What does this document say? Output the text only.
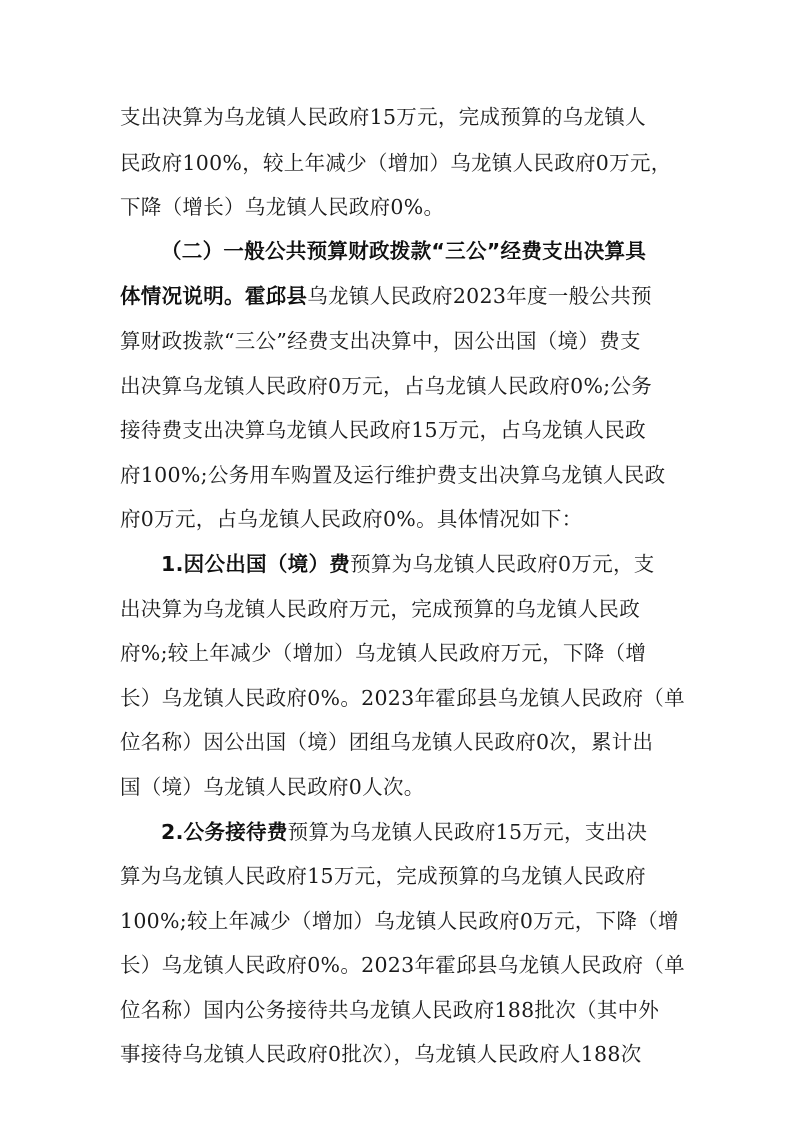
支出决算为乌龙镇人民政府15万元，完成预算的乌龙镇人
民政府100%，较上年减少（增加）乌龙镇人民政府0万元，
下降（增长）乌龙镇人民政府0%。
（二）一般公共预算财政拨款“三公”经费支出决算具
体情况说明。霍邱县乌龙镇人民政府2023年度一般公共预
算财政拨款“三公”经费支出决算中，因公出国（境）费支
出决算乌龙镇人民政府0万元，占乌龙镇人民政府0%;公务
接待费支出决算乌龙镇人民政府15万元，占乌龙镇人民政
府100%;公务用车购置及运行维护费支出决算乌龙镇人民政
府0万元，占乌龙镇人民政府0%。具体情况如下：
1.因公出国（境）费预算为乌龙镇人民政府0万元，支
出决算为乌龙镇人民政府万元，完成预算的乌龙镇人民政
府%;较上年减少（增加）乌龙镇人民政府万元，下降（增
长）乌龙镇人民政府0%。2023年霍邱县乌龙镇人民政府（单
位名称）因公出国（境）团组乌龙镇人民政府0次，累计出
国（境）乌龙镇人民政府0人次。
2.公务接待费预算为乌龙镇人民政府15万元，支出决
算为乌龙镇人民政府15万元，完成预算的乌龙镇人民政府
100%;较上年减少（增加）乌龙镇人民政府0万元，下降（增
长）乌龙镇人民政府0%。2023年霍邱县乌龙镇人民政府（单
位名称）国内公务接待共乌龙镇人民政府188批次（其中外
事接待乌龙镇人民政府0批次），乌龙镇人民政府人188次
